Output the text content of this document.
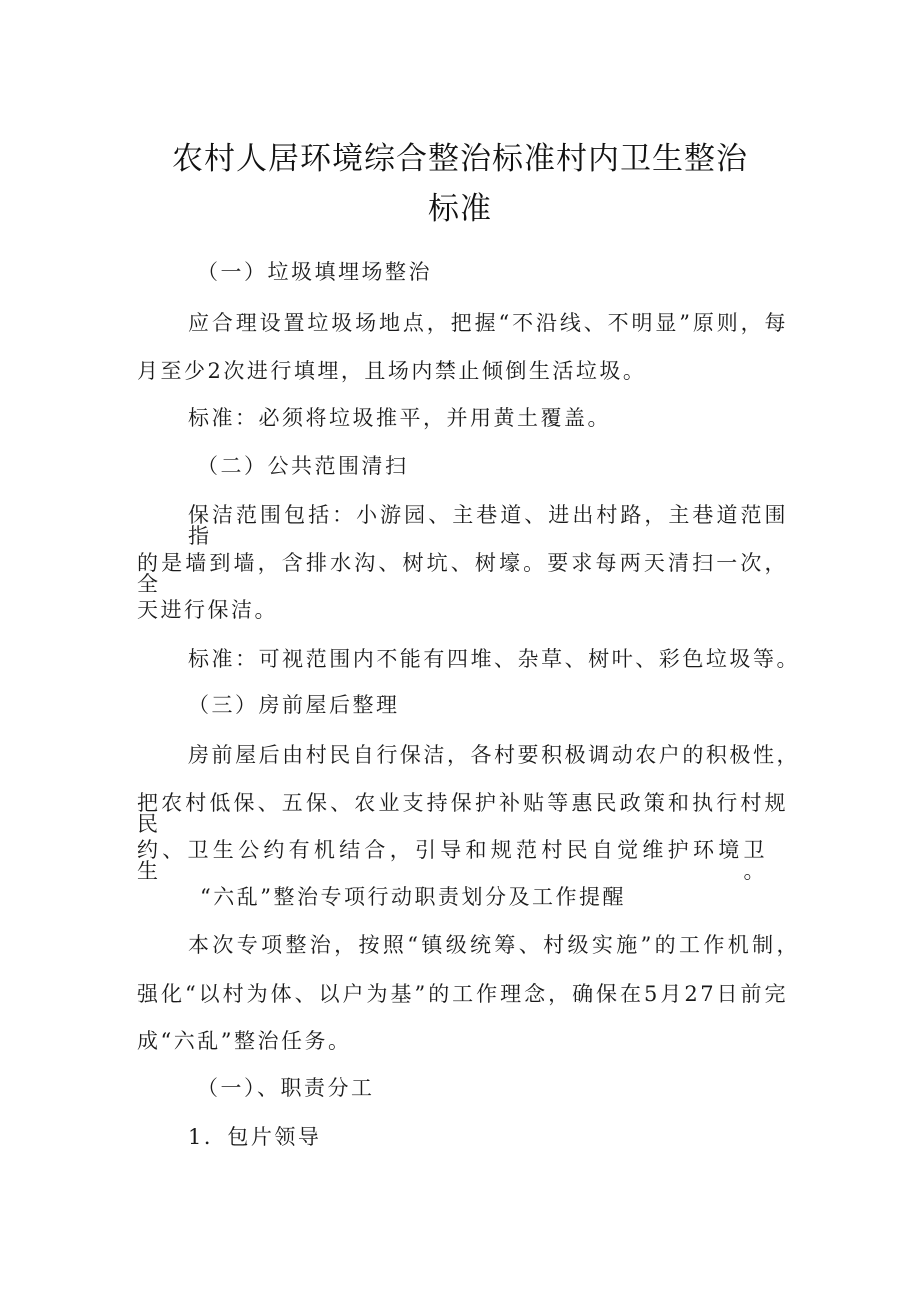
农村人居环境综合整治标准村内卫生整治
标准
（一）垃圾填埋场整治
应合理设置垃圾场地点，把握“不沿线、不明显”原则，每
月至少2次进行填埋，且场内禁止倾倒生活垃圾。
标准：必须将垃圾推平，并用黄土覆盖。
（二）公共范围清扫
保洁范围包括：小游园、主巷道、进出村路，主巷道范围指
的是墙到墙，含排水沟、树坑、树壕。要求每两天清扫一次，全
天进行保洁。
标准：可视范围内不能有四堆、杂草、树叶、彩色垃圾等。
（三）房前屋后整理
房前屋后由村民自行保洁，各村要积极调动农户的积极性，
把农村低保、五保、农业支持保护补贴等惠民政策和执行村规民
约、卫生公约有机结合，引导和规范村民自觉维护环境卫生。
“六乱”整治专项行动职责划分及工作提醒
本次专项整治，按照“镇级统筹、村级实施”的工作机制，
强化“以村为体、以户为基”的工作理念，确保在5月27日前完
成“六乱”整治任务。
（一）、职责分工
1．包片领导
